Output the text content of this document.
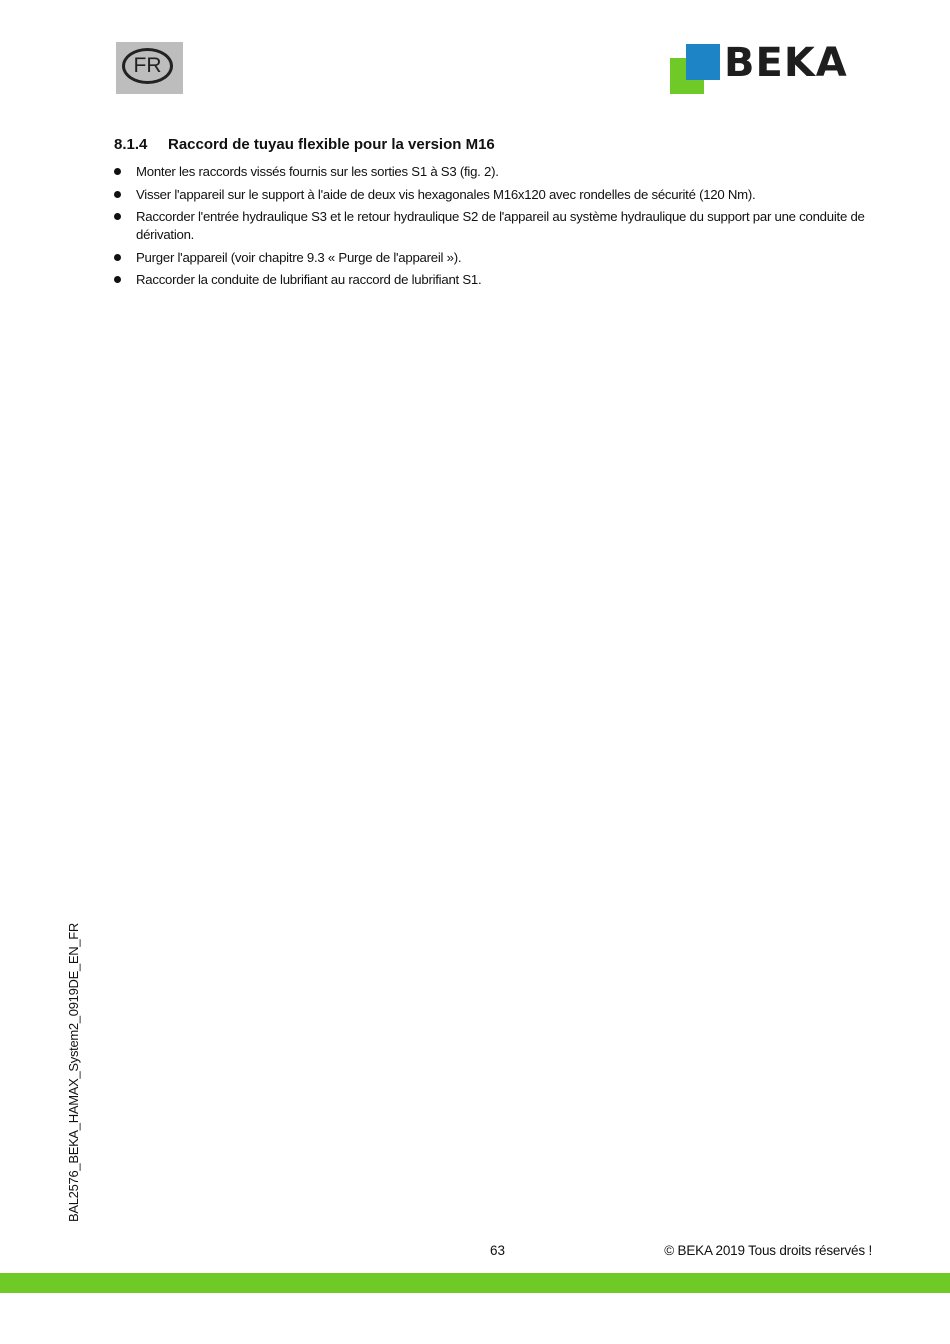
FR	BEKA
8.1.4 Raccord de tuyau flexible pour la version M16
Monter les raccords vissés fournis sur les sorties S1 à S3 (fig. 2).
Visser l'appareil sur le support à l'aide de deux vis hexagonales M16x120 avec rondelles de sécurité (120 Nm).
Raccorder l'entrée hydraulique S3 et le retour hydraulique S2 de l'appareil au système hydraulique du support par une conduite de dérivation.
Purger l'appareil (voir chapitre 9.3 « Purge de l'appareil »).
Raccorder la conduite de lubrifiant au raccord de lubrifiant S1.
BAL2576_BEKA_HAMAX_System2_0919DE_EN_FR
63	© BEKA 2019 Tous droits réservés !
